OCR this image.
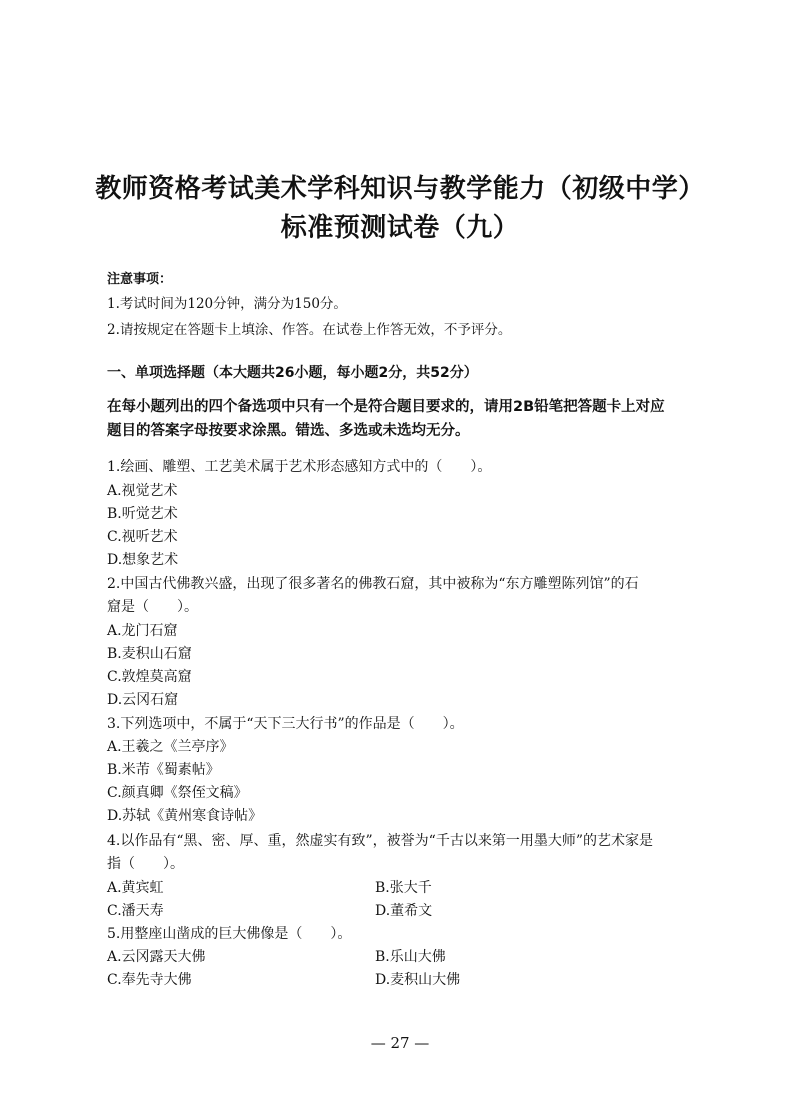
教师资格考试美术学科知识与教学能力（初级中学）
标准预测试卷（九）
注意事项：
1.考试时间为120分钟，满分为150分。
2.请按规定在答题卡上填涂、作答。在试卷上作答无效，不予评分。
一、单项选择题（本大题共26小题，每小题2分，共52分）
在每小题列出的四个备选项中只有一个是符合题目要求的，请用2B铅笔把答题卡上对应
题目的答案字母按要求涂黑。错选、多选或未选均无分。
1.绘画、雕塑、工艺美术属于艺术形态感知方式中的（　　）。
A.视觉艺术
B.听觉艺术
C.视听艺术
D.想象艺术
2.中国古代佛教兴盛，出现了很多著名的佛教石窟，其中被称为“东方雕塑陈列馆”的石
窟是（　　）。
A.龙门石窟
B.麦积山石窟
C.敦煌莫高窟
D.云冈石窟
3.下列选项中，不属于“天下三大行书”的作品是（　　）。
A.王羲之《兰亭序》
B.米芾《蜀素帖》
C.颜真卿《祭侄文稿》
D.苏轼《黄州寒食诗帖》
4.以作品有“黑、密、厚、重，然虚实有致”，被誉为“千古以来第一用墨大师”的艺术家是
指（　　）。
A.黄宾虹	B.张大千
C.潘天寿	D.董希文
5.用整座山凿成的巨大佛像是（　　）。
A.云冈露天大佛	B.乐山大佛
C.奉先寺大佛	D.麦积山大佛
— 27 —
